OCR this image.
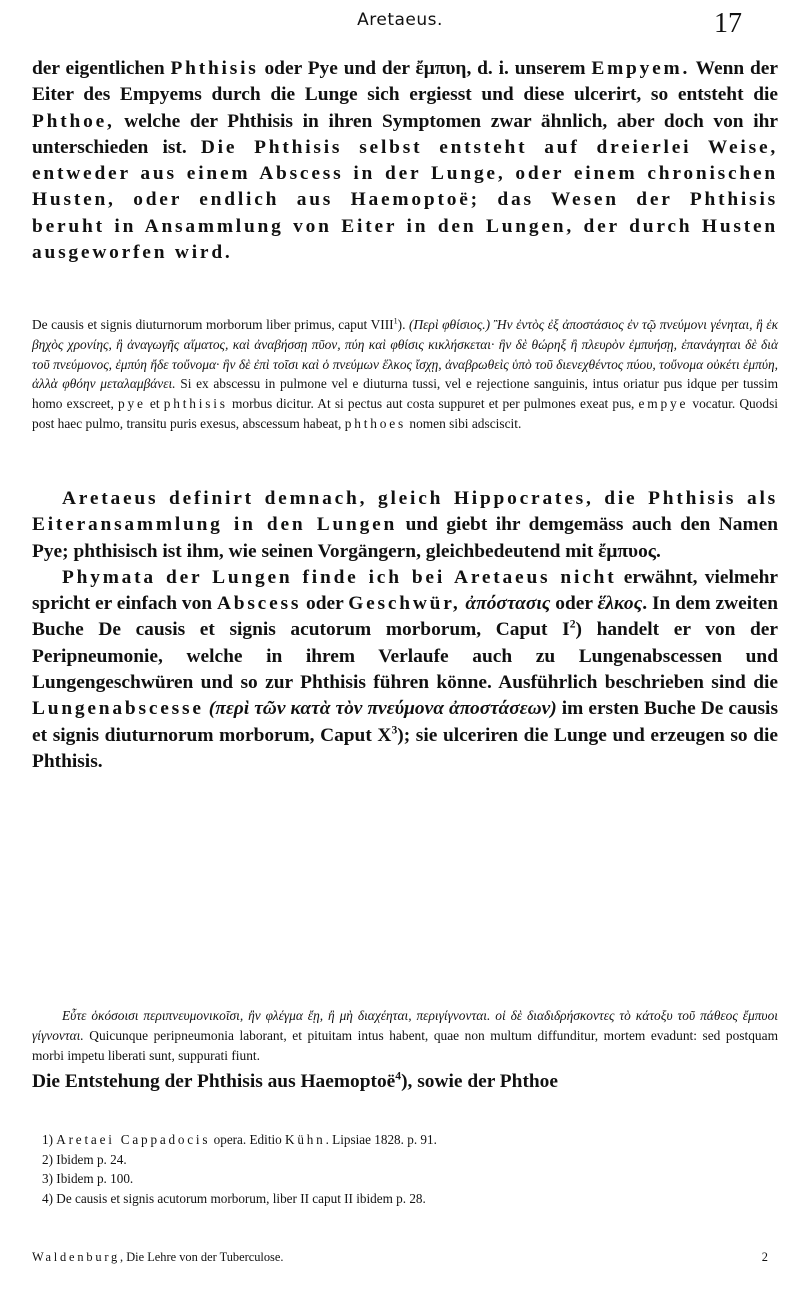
Aretaeus.	17

der eigentlichen Phthisis oder Pye und der ἔμπυη, d. i. unserem Empyem. Wenn der Eiter des Empyems durch die Lunge sich ergiesst und diese ulcerirt, so entsteht die Phthoe, welche der Phthisis in ihren Symptomen zwar ähnlich, aber doch von ihr unterschieden ist. Die Phthisis selbst entsteht auf dreierlei Weise, entweder aus einem Abscess in der Lunge, oder einem chronischen Husten, oder endlich aus Haemoptoë; das Wesen der Phthisis beruht in Ansammlung von Eiter in den Lungen, der durch Husten ausgeworfen wird.

De causis et signis diuturnorum morborum liber primus, caput VIII$^1$). (Περὶ φθίσιος.) Ἢν ἐντὸς ἐξ ἀποστάσιος ἐν τῷ πνεύμονι γένηται, ἢ ἐκ βηχὸς χρονίης, ἢ ἀναγωγῆς αἵματος, καὶ ἀναβήσσῃ πῦον, πύη καὶ φθίσις κικλήσκεται· ἣν δὲ θώρηξ ἢ πλευρὸν ἐμπυήσῃ, ἐπανάγηται δὲ διὰ τοῦ πνεύμονος, ἐμπύη ἤδε τοὔνομα· ἣν δὲ ἐπὶ τοῖσι καὶ ὁ πνεύμων ἕλκος ἴσχῃ, ἀναβρωθεὶς ὑπὸ τοῦ διενεχθέντος πύου, τοὔνομα οὐκέτι ἐμπύη, ἀλλὰ φθόην μεταλαμβάνει. Si ex abscessu in pulmone vel e diuturna tussi, vel e rejectione sanguinis, intus oriatur pus idque per tussim homo exscreet, pye et phthisis morbus dicitur. At si pectus aut costa suppuret et per pulmones exeat pus, empye vocatur. Quodsi post haec pulmo, transitu puris exesus, abscessum habeat, phthoes nomen sibi adsciscit.

Aretaeus definirt demnach, gleich Hippocrates, die Phthisis als Eiteransammlung in den Lungen und giebt ihr demgemäss auch den Namen Pye; phthisisch ist ihm, wie seinen Vorgängern, gleichbedeutend mit ἔμπυος.

Phymata der Lungen finde ich bei Aretaeus nicht erwähnt, vielmehr spricht er einfach von Abscess oder Geschwür, ἀπόστασις oder ἕλκος. In dem zweiten Buche De causis et signis acutorum morborum, Caput $I^2$) handelt er von der Peripneumonie, welche in ihrem Verlaufe auch zu Lungenabscessen und Lungengeschwüren und so zur Phthisis führen könne. Ausführlich beschrieben sind die Lungenabscesse (περὶ τῶν κατὰ τὸν πνεύμονα ἀποστάσεων) im ersten Buche De causis et signis diuturnorum morborum, Caput $X^3$); sie ulceriren die Lunge und erzeugen so die Phthisis.

Εὖτε ὁκόσοισι περιπνευμονικοῖσι, ἢν φλέγμα ἔῃ, ἢ μὴ διαχέηται, περιγίγνονται. οἱ δὲ διαδιδρήσκοντες τὸ κάτοξυ τοῦ πάθεος ἔμπυοι γίγνονται. Quicunque peripneumonia laborant, et pituitam intus habent, quae non multum diffunditur, mortem evadunt: sed postquam morbi impetu liberati sunt, suppurati fiunt.

Die Entstehung der Phthisis aus Haemoptoë$^4$), sowie der Phthoe

1) Aretaei Cappadocis opera. Editio Kühn. Lipsiae 1828. p. 91.

2) Ibidem p. 24.

3) Ibidem p. 100.

4) De causis et signis acutorum morborum, liber II caput II ibidem p. 28.

Waldenburg, Die Lehre von der Tuberculose.	2
